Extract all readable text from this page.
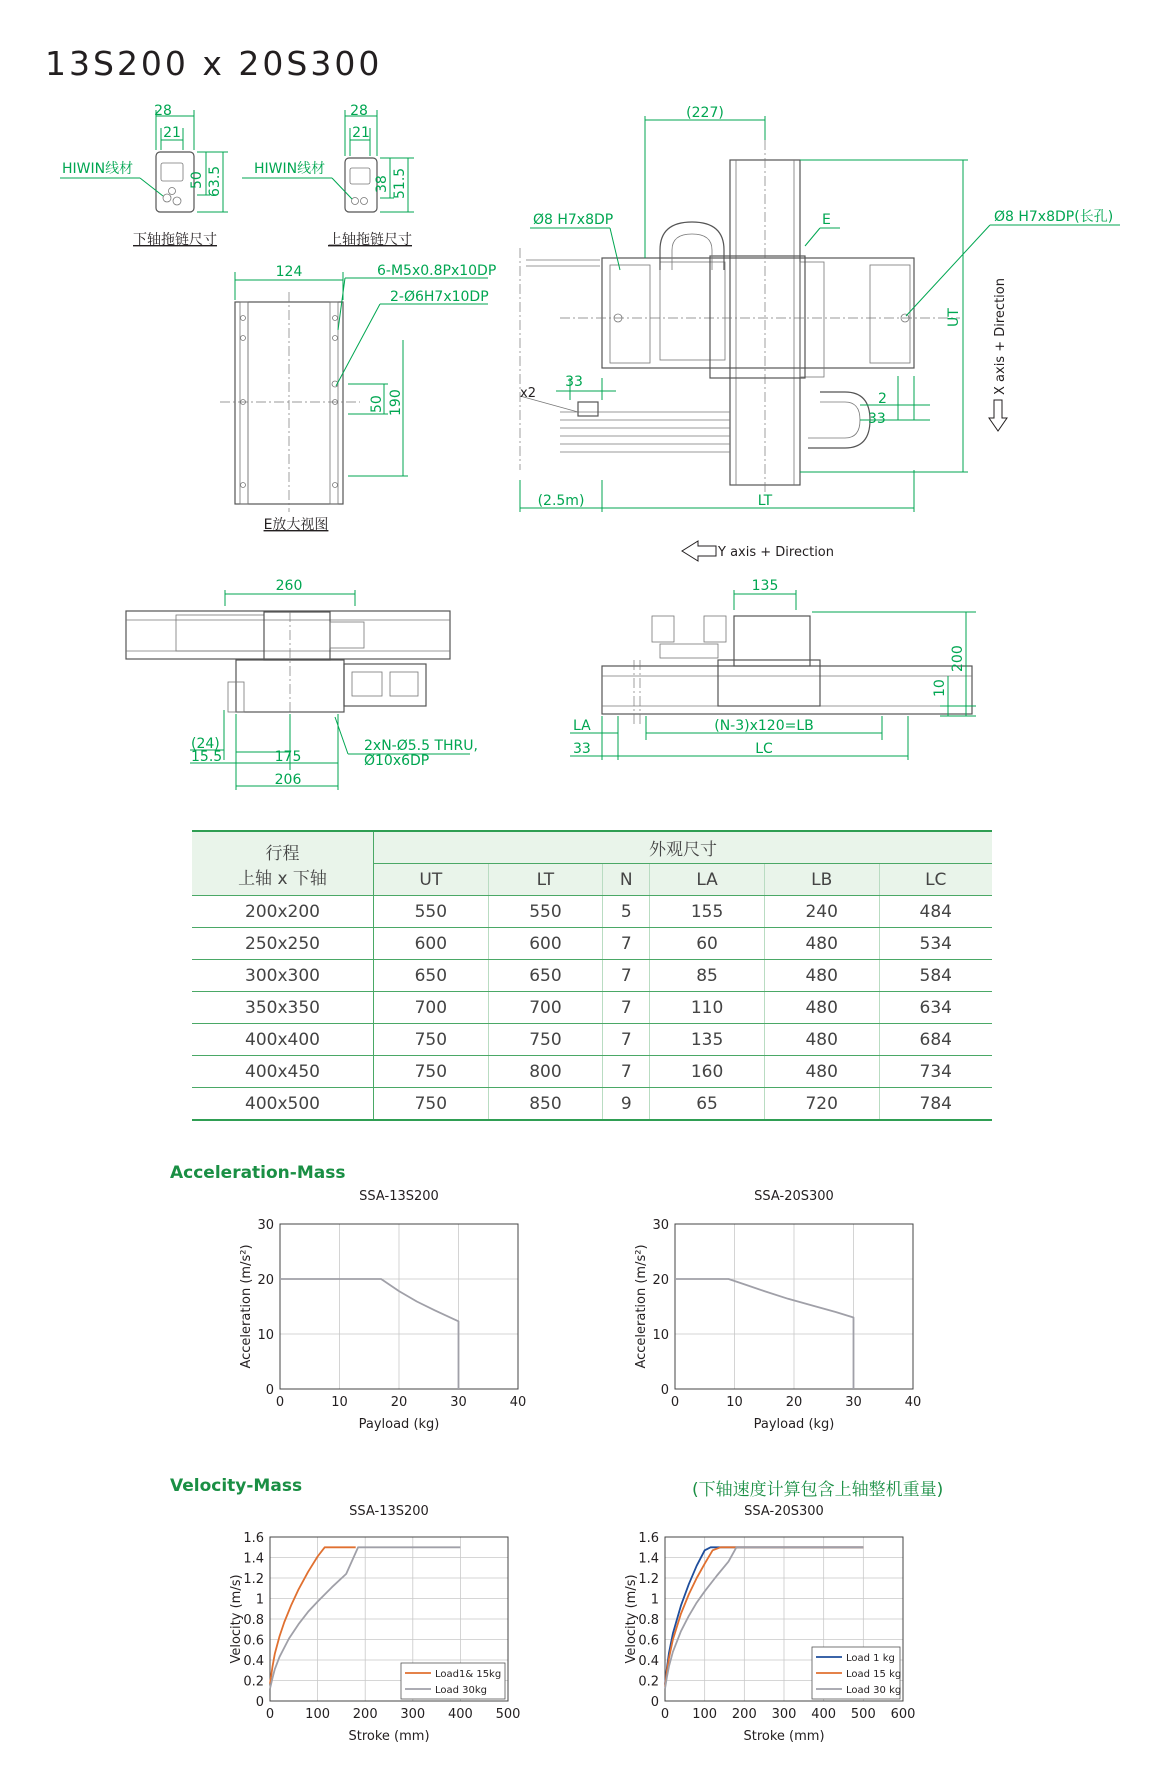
13S200 x 20S300
28
21
50 63.5
HIWIN线材
下轴拖链尺寸
28
21
38 51.5
HIWIN线材
上轴拖链尺寸
124	6-M5x0.8Px10DP
2-Ø6H7x10DP
50 190
E放大视图
(227)
Ø8 H7x8DP	E	Ø8 H7x8DP(长孔)
UT X axis + Direction
33
x2	2
33
(2.5m)	LT
Y axis + Direction
260
(24)
15.5	175
206
2xN-Ø5.5 THRU,
Ø10x6DP
135
200
10
LA	(N-3)x120=LB
33	LC
行程
上轴 x 下轴	外观尺寸					
	UT	LT	N	LA	LB	LC
200x200	550	550	5	155	240	484
250x250	600	600	7	60	480	534
300x300	650	650	7	85	480	584
350x350	700	700	7	110	480	634
400x400	750	750	7	135	480	684
400x450	750	800	7	160	480	734
400x500	750	850	9	65	720	784
Acceleration-Mass
Velocity-Mass	(下轴速度计算包含上轴整机重量)
SSA-13S200
0	10	20	30	40
0
10
20
30
Payload (kg)
Acceleration (m/s²)
SSA-20S300
0	10	20	30	40
0
10
20
30
Payload (kg)
Acceleration (m/s²)
SSA-13S200
0 100 200 300 400 500
0
0.2
0.4
0.6
0.8
1
1.2
1.4
1.6
Stroke (mm)
Velocity (m/s)
Load1& 15kg
Load 30kg
SSA-20S300
0 100 200 300 400 500 600
0
0.2
0.4
0.6
0.8
1
1.2
1.4
1.6
Stroke (mm)
Velocity (m/s)	Load 1 kg
Load 15 kg
Load 30 kg
